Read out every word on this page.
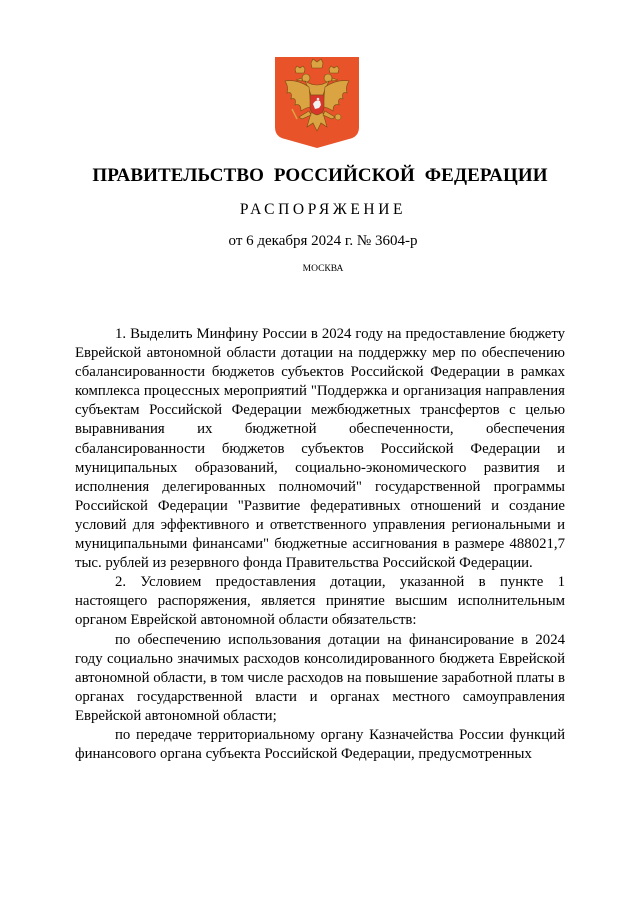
ПРАВИТЕЛЬСТВО РОССИЙСКОЙ ФЕДЕРАЦИИ
РАСПОРЯЖЕНИЕ
от 6 декабря 2024 г. № 3604-р
МОСКВА

1. Выделить Минфину России в 2024 году на предоставление бюджету Еврейской автономной области дотации на поддержку мер по обеспечению сбалансированности бюджетов субъектов Российской Федерации в рамках комплекса процессных мероприятий "Поддержка и организация направления субъектам Российской Федерации межбюджетных трансфертов с целью выравнивания их бюджетной обеспеченности, обеспечения сбалансированности бюджетов субъектов Российской Федерации и муниципальных образований, социально-экономического развития и исполнения делегированных полномочий" государственной программы Российской Федерации "Развитие федеративных отношений и создание условий для эффективного и ответственного управления региональными и муниципальными финансами" бюджетные ассигнования в размере 488021,7 тыс. рублей из резервного фонда Правительства Российской Федерации.

2. Условием предоставления дотации, указанной в пункте 1 настоящего распоряжения, является принятие высшим исполнительным органом Еврейской автономной области обязательств:

по обеспечению использования дотации на финансирование в 2024 году социально значимых расходов консолидированного бюджета Еврейской автономной области, в том числе расходов на повышение заработной платы в органах государственной власти и органах местного самоуправления Еврейской автономной области;

по передаче территориальному органу Казначейства России функций финансового органа субъекта Российской Федерации, предусмотренных
